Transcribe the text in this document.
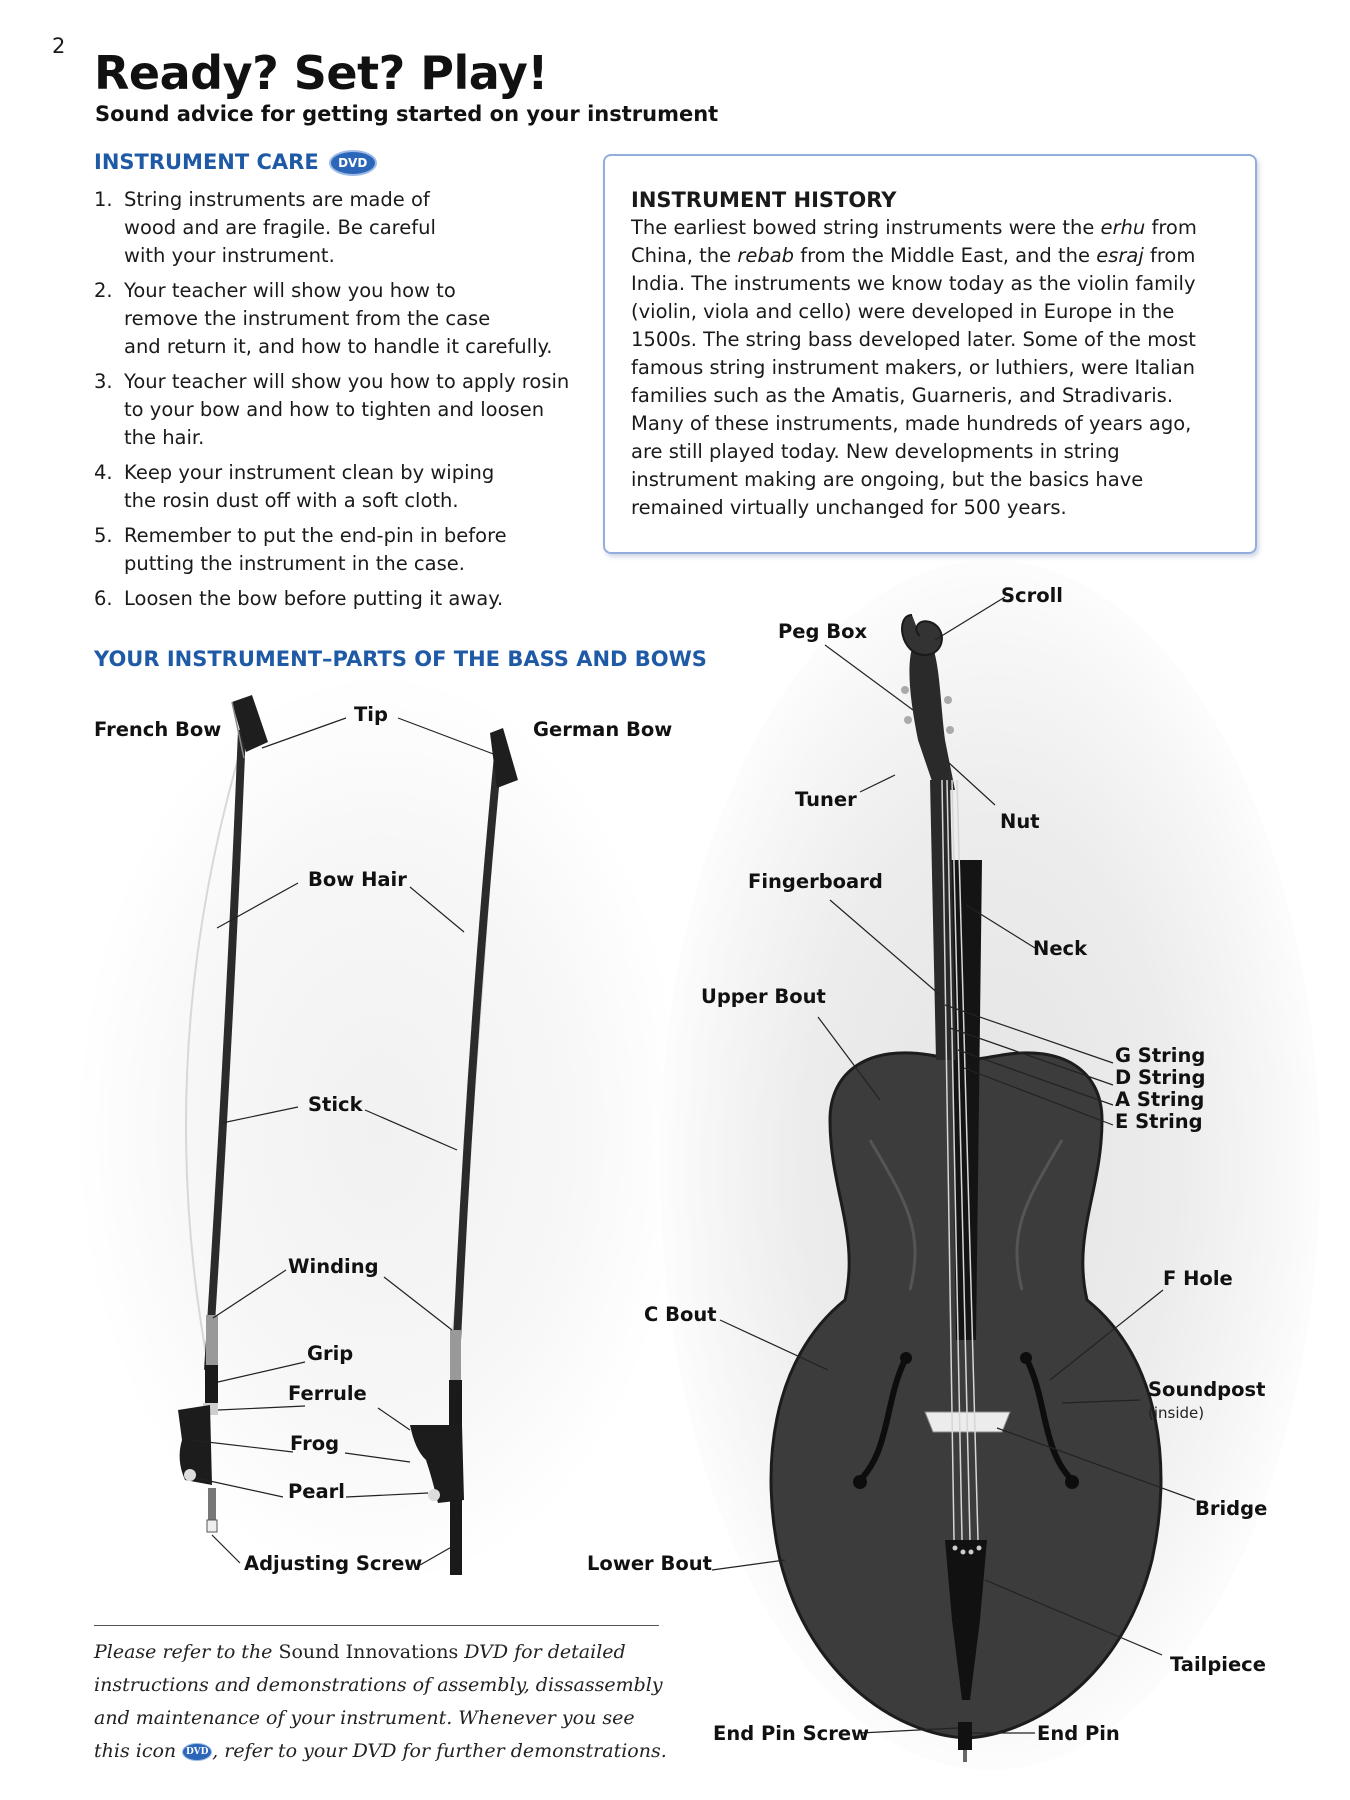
2 Ready? Set? Play!
Sound advice for getting started on your instrument
INSTRUMENT CARE DVD
1. String instruments are made of
wood and are fragile. Be careful
with your instrument.
2. Your teacher will show you how to
remove the instrument from the case
and return it, and how to handle it carefully.
3. Your teacher will show you how to apply rosin
to your bow and how to tighten and loosen
the hair.
4. Keep your instrument clean by wiping
the rosin dust off with a soft cloth.
5. Remember to put the end-pin in before
putting the instrument in the case.
6. Loosen the bow before putting it away.
INSTRUMENT HISTORY
The earliest bowed string instruments were the erhu from China, the rebab from the Middle East, and the esraj from India. The instruments we know today as the violin family (violin, viola and cello) were developed in Europe in the 1500s. The string bass developed later. Some of the most famous string instrument makers, or luthiers, were Italian families such as the Amatis, Guarneris, and Stradivaris. Many of these instruments, made hundreds of years ago, are still played today. New developments in string instrument making are ongoing, but the basics have remained virtually unchanged for 500 years.
YOUR INSTRUMENT–PARTS OF THE BASS AND BOWS
French Bow	German Bow
Tip
Bow Hair
Stick
Winding
Grip
Ferrule
Frog
Pearl
Adjusting Screw
Scroll
Peg Box
Tuner
Nut
Fingerboard
Neck
Upper Bout
G String
D String
A String
E String
F Hole
C Bout
Soundpost
(inside)
Bridge
Lower Bout
Tailpiece
End Pin Screw	End Pin
Please refer to the Sound Innovations DVD for detailed instructions and demonstrations of assembly, dissassembly and maintenance of your instrument. Whenever you see this icon DVD , refer to your DVD for further demonstrations.
